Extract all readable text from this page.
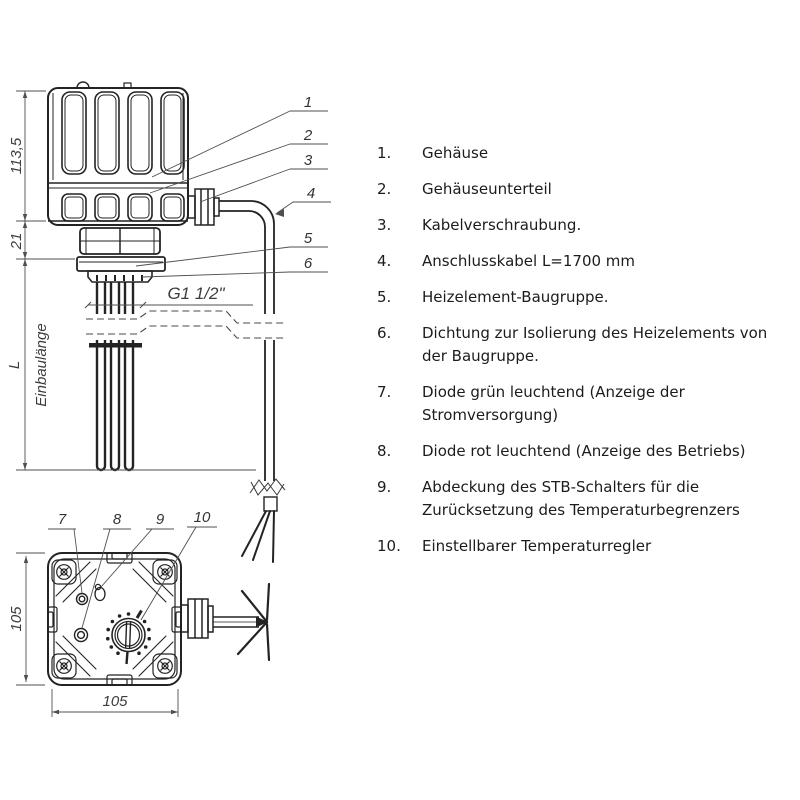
G1 1/2"
113,5
21
L Einbaulänge
1
2
3
4
5
6
105
105
7	8 9 10
1.	Gehäuse
2.	Gehäuseunterteil
3.	Kabelverschraubung.
4.	Anschlusskabel L=1700 mm
5.	Heizelement-Baugruppe.
6.	Dichtung zur Isolierung des Heizelements von der Baugruppe.
7.	Diode grün leuchtend (Anzeige der Stromversorgung)
8.	Diode rot leuchtend (Anzeige des Betriebs)
9.	Abdeckung des STB-Schalters für die Zurücksetzung des Temperaturbegrenzers
10.	Einstellbarer Temperaturregler
